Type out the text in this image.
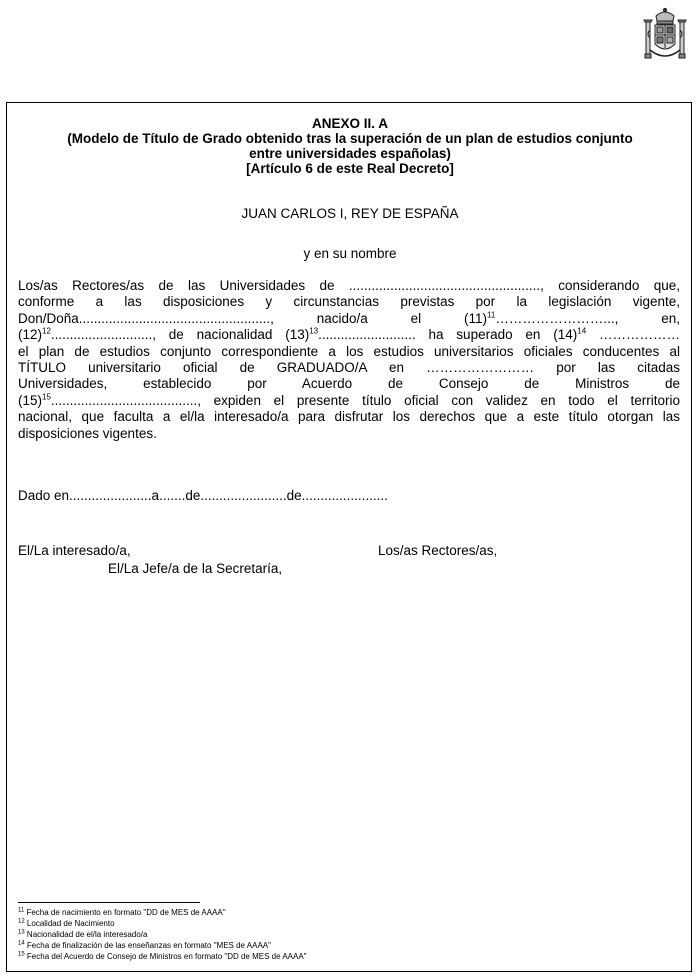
ANEXO II. A
(Modelo de Título de Grado obtenido tras la superación de un plan de estudios conjunto
entre universidades españolas)
[Artículo 6 de este Real Decreto]
JUAN CARLOS I, REY DE ESPAÑA
y en su nombre

Los/as Rectores/as de las Universidades de ..................................................., considerando que,

conforme a las disposiciones y circunstancias previstas por la legislación vigente,

Don/Doña..................................................., nacido/a el $(11)^{11}\dots\dots\dots\dots\dots\dots\dots\dots$..., en,

$(12)^{12}$..........................., de nacionalidad $(13)^{13}$.......................... ha superado en $(14)^{14}$ ………………

el plan de estudios conjunto correspondiente a los estudios universitarios oficiales conducentes al

TÍTULO universitario oficial de GRADUADO/A en …………………… por las citadas

Universidades, establecido por Acuerdo de Consejo de Ministros de

$(15)^{15}$......................................., expiden el presente título oficial con validez en todo el territorio

nacional, que faculta a el/la interesado/a para disfrutar los derechos que a este título otorgan las

disposiciones vigentes.

Dado en......................a.......de.......................de.......................
El/La interesado/a,	Los/as Rectores/as,
El/La Jefe/a de la Secretaría,
$^{11}$ Fecha de nacimiento en formato "DD de MES de AAAA"
$^{12}$ Localidad de Nacimiento
$^{13}$ Nacionalidad de el/la interesado/a
$^{14}$ Fecha de finalización de las enseñanzas en formato "MES de AAAA"
$^{15}$ Fecha del Acuerdo de Consejo de Ministros en formato "DD de MES de AAAA"
